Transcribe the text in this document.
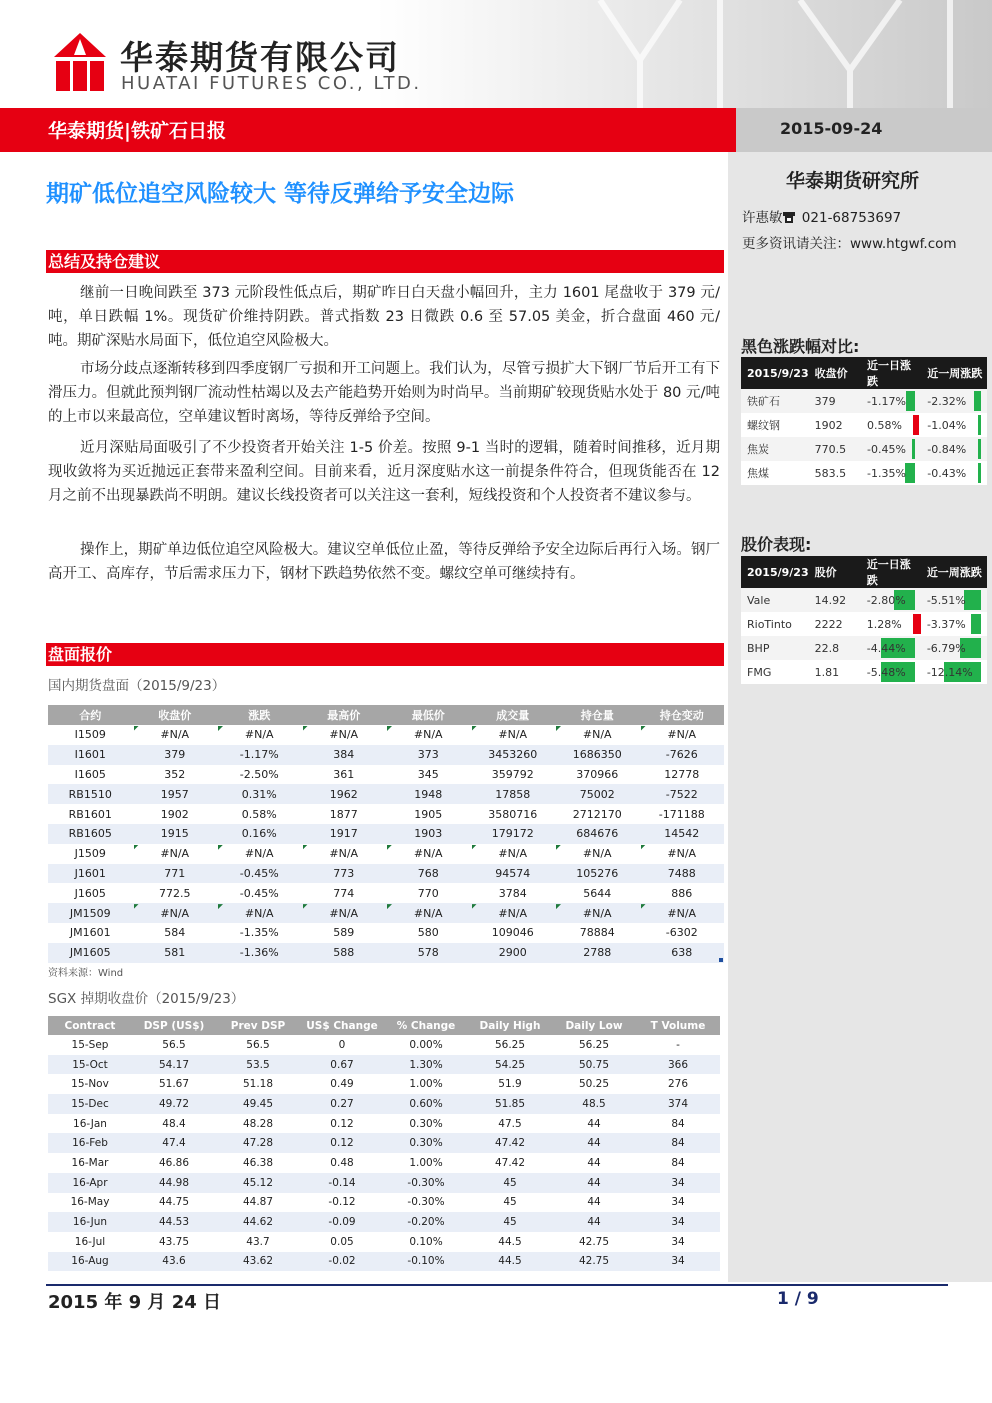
华泰期货有限公司
HUATAI FUTURES CO., LTD.
华泰期货|铁矿石日报	2015-09-24
华泰期货研究所
许惠敏 021-68753697
更多资讯请关注：www.htgwf.com
黑色涨跌幅对比:
2015/9/23	收盘价	近一日涨跌	近一周涨跌
铁矿石	379	-1.17%	-2.32%
螺纹钢	1902	0.58%	-1.04%
焦炭	770.5	-0.45%	-0.84%
焦煤	583.5	-1.35%	-0.43%
股价表现:
2015/9/23	股价	近一日涨跌	近一周涨跌
Vale	14.92	-2.80%	-5.51%
RioTinto	2222	1.28%	-3.37%
BHP	22.8	-4.44%	-6.79%
FMG	1.81	-5.48%	-12.14%
期矿低位追空风险较大 等待反弹给予安全边际
总结及持仓建议
继前一日晚间跌至 373 元阶段性低点后，期矿昨日白天盘小幅回升，主力 1601 尾盘收于 379 元/吨，单日跌幅 1%。现货矿价维持阴跌。普式指数 23 日微跌 0.6 至 57.05 美金，折合盘面 460 元/吨。期矿深贴水局面下，低位追空风险极大。
市场分歧点逐渐转移到四季度钢厂亏损和开工问题上。我们认为，尽管亏损扩大下钢厂节后开工有下滑压力。但就此预判钢厂流动性枯竭以及去产能趋势开始则为时尚早。当前期矿较现货贴水处于 80 元/吨的上市以来最高位，空单建议暂时离场，等待反弹给予空间。
近月深贴局面吸引了不少投资者开始关注 1-5 价差。按照 9-1 当时的逻辑，随着时间推移，近月期现收敛将为买近抛远正套带来盈利空间。目前来看，近月深度贴水这一前提条件符合，但现货能否在 12 月之前不出现暴跌尚不明朗。建议长线投资者可以关注这一套利，短线投资和个人投资者不建议参与。
操作上，期矿单边低位追空风险极大。建议空单低位止盈，等待反弹给予安全边际后再行入场。钢厂高开工、高库存，节后需求压力下，钢材下跌趋势依然不变。螺纹空单可继续持有。
盘面报价
国内期货盘面（2015/9/23）
合约	收盘价	涨跌	最高价	最低价	成交量	持仓量	持仓变动
I1509	#N/A	#N/A	#N/A	#N/A	#N/A	#N/A	#N/A

I1601	379	-1.17%	384	373	3453260	1686350	-7626
I1605	352	-2.50%	361	345	359792	370966	12778
RB1510	1957	0.31%	1962	1948	17858	75002	-7522
RB1601	1902	0.58%	1877	1905	3580716	2712170	-171188
RB1605	1915	0.16%	1917	1903	179172	684676	14542
J1509	#N/A	#N/A	#N/A	#N/A	#N/A	#N/A	#N/A

J1601	771	-0.45%	773	768	94574	105276	7488
J1605	772.5	-0.45%	774	770	3784	5644	886
JM1509	#N/A	#N/A	#N/A	#N/A	#N/A	#N/A	#N/A

JM1601	584	-1.35%	589	580	109046	78884	-6302
JM1605	581	-1.36%	588	578	2900	2788	638
资料来源：Wind
SGX 掉期收盘价（2015/9/23）
Contract	DSP (US$)	Prev DSP	US$ Change	% Change	Daily High	Daily Low	T Volume
15-Sep	56.5	56.5	0	0.00%	56.25	56.25	-
15-Oct	54.17	53.5	0.67	1.30%	54.25	50.75	366
15-Nov	51.67	51.18	0.49	1.00%	51.9	50.25	276
15-Dec	49.72	49.45	0.27	0.60%	51.85	48.5	374
16-Jan	48.4	48.28	0.12	0.30%	47.5	44	84
16-Feb	47.4	47.28	0.12	0.30%	47.42	44	84
16-Mar	46.86	46.38	0.48	1.00%	47.42	44	84
16-Apr	44.98	45.12	-0.14	-0.30%	45	44	34
16-May	44.75	44.87	-0.12	-0.30%	45	44	34
16-Jun	44.53	44.62	-0.09	-0.20%	45	44	34
16-Jul	43.75	43.7	0.05	0.10%	44.5	42.75	34
16-Aug	43.6	43.62	-0.02	-0.10%	44.5	42.75	34
2015 年 9 月 24 日	1 / 9
